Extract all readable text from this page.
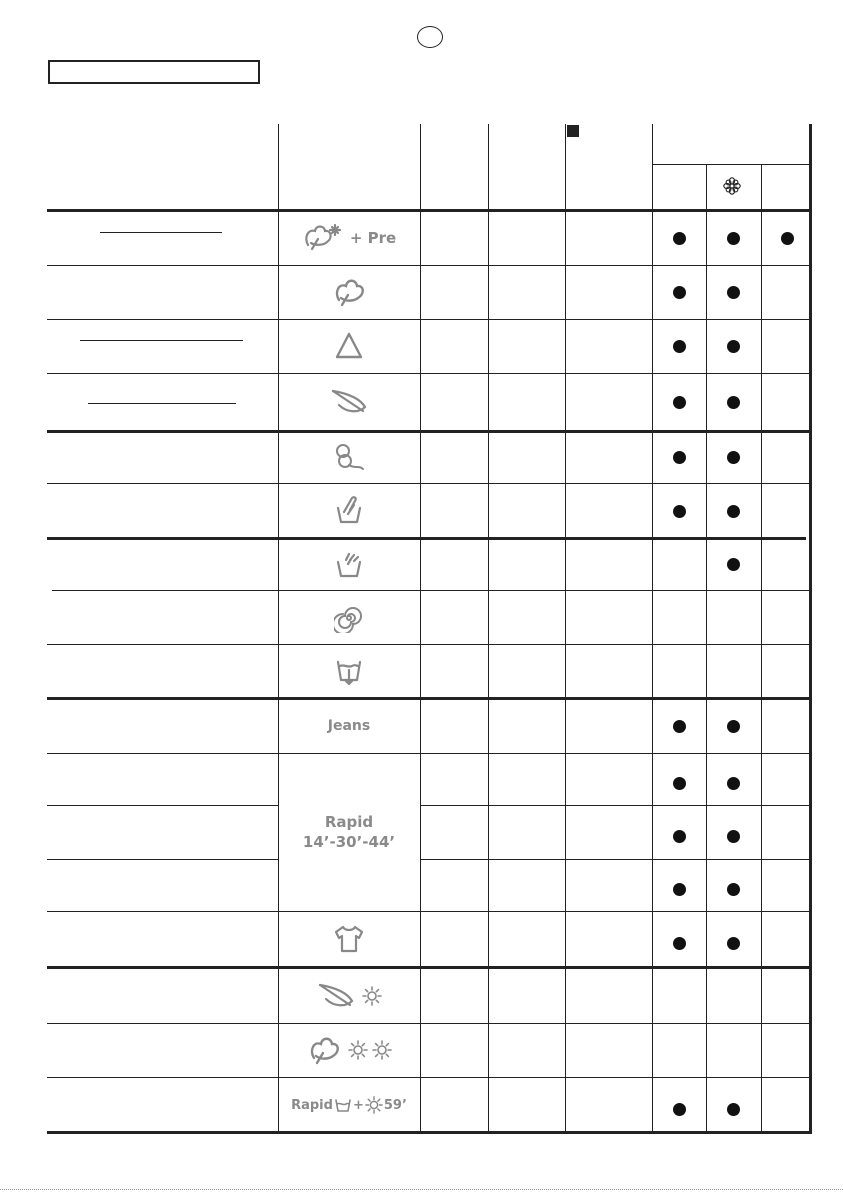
+ Pre
Jeans
Rapid
14’-30’-44’
Rapid + 59’
